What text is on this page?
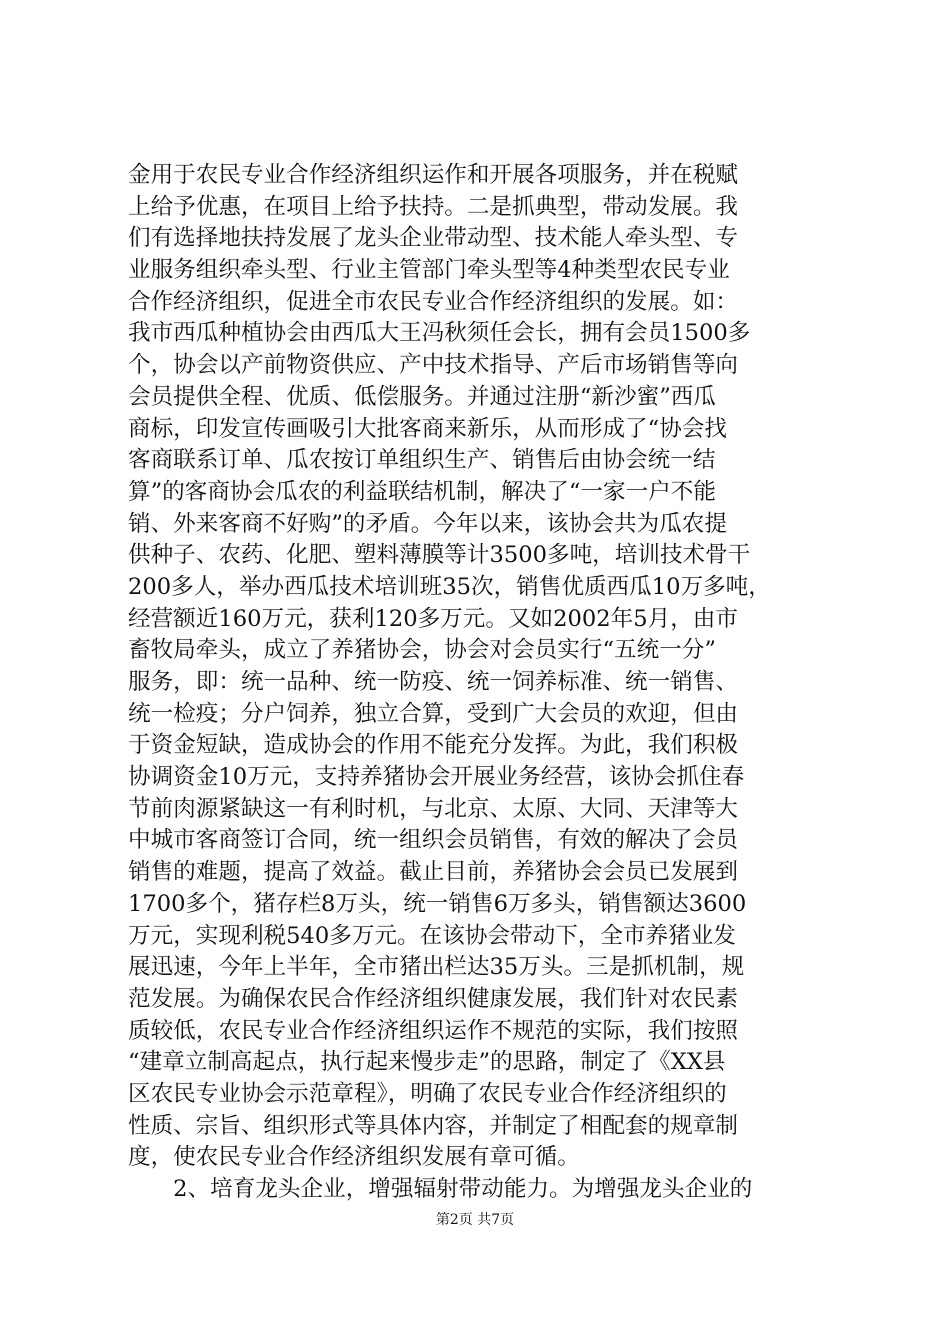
金用于农民专业合作经济组织运作和开展各项服务，并在税赋
上给予优惠，在项目上给予扶持。二是抓典型，带动发展。我
们有选择地扶持发展了龙头企业带动型、技术能人牵头型、专
业服务组织牵头型、行业主管部门牵头型等4种类型农民专业
合作经济组织，促进全市农民专业合作经济组织的发展。如：
我市西瓜种植协会由西瓜大王冯秋须任会长，拥有会员1500多
个，协会以产前物资供应、产中技术指导、产后市场销售等向
会员提供全程、优质、低偿服务。并通过注册“新沙蜜”西瓜
商标，印发宣传画吸引大批客商来新乐，从而形成了“协会找
客商联系订单、瓜农按订单组织生产、销售后由协会统一结
算”的客商协会瓜农的利益联结机制，解决了“一家一户不能
销、外来客商不好购”的矛盾。今年以来，该协会共为瓜农提
供种子、农药、化肥、塑料薄膜等计3500多吨，培训技术骨干
200多人，举办西瓜技术培训班35次，销售优质西瓜10万多吨，
经营额近160万元，获利120多万元。又如2002年5月，由市
畜牧局牵头，成立了养猪协会，协会对会员实行“五统一分”
服务，即：统一品种、统一防疫、统一饲养标准、统一销售、
统一检疫；分户饲养，独立合算，受到广大会员的欢迎，但由
于资金短缺，造成协会的作用不能充分发挥。为此，我们积极
协调资金10万元，支持养猪协会开展业务经营，该协会抓住春
节前肉源紧缺这一有利时机，与北京、太原、大同、天津等大
中城市客商签订合同，统一组织会员销售，有效的解决了会员
销售的难题，提高了效益。截止目前，养猪协会会员已发展到
1700多个，猪存栏8万头，统一销售6万多头，销售额达3600
万元，实现利税540多万元。在该协会带动下，全市养猪业发
展迅速，今年上半年，全市猪出栏达35万头。三是抓机制，规
范发展。为确保农民合作经济组织健康发展，我们针对农民素
质较低，农民专业合作经济组织运作不规范的实际，我们按照
“建章立制高起点，执行起来慢步走”的思路，制定了《XX县
区农民专业协会示范章程》，明确了农民专业合作经济组织的
性质、宗旨、组织形式等具体内容，并制定了相配套的规章制
度，使农民专业合作经济组织发展有章可循。
　　2、培育龙头企业，增强辐射带动能力。为增强龙头企业的
第2页 共7页
